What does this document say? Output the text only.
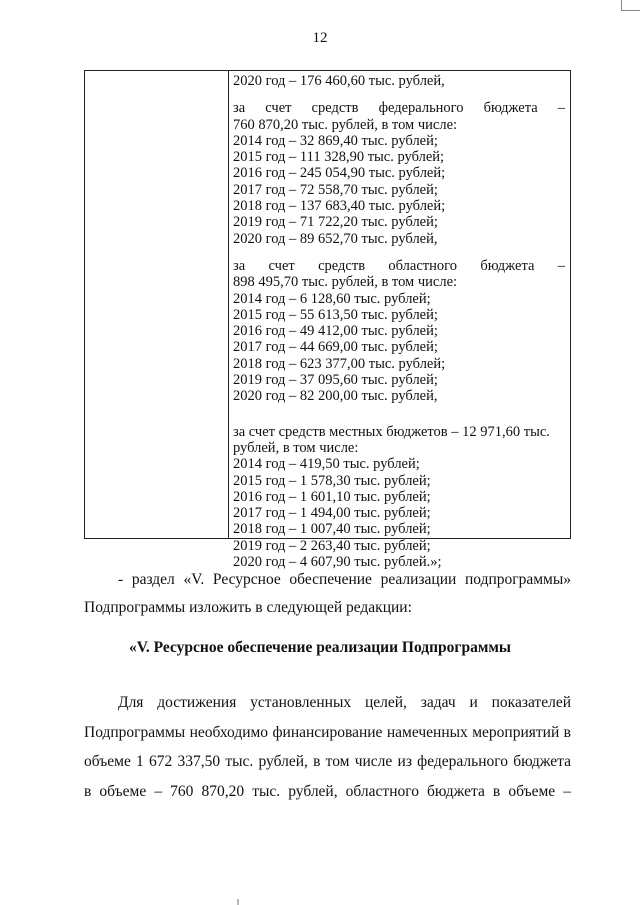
12
2020 год – 176 460,60 тыс. рублей,
за счет средств федерального бюджета –
760 870,20 тыс. рублей, в том числе:
2014 год – 32 869,40 тыс. рублей;
2015 год – 111 328,90 тыс. рублей;
2016 год – 245 054,90 тыс. рублей;
2017 год – 72 558,70 тыс. рублей;
2018 год – 137 683,40 тыс. рублей;
2019 год – 71 722,20 тыс. рублей;
2020 год – 89 652,70 тыс. рублей,
за счет средств областного бюджета –
898 495,70 тыс. рублей, в том числе:
2014 год – 6 128,60 тыс. рублей;
2015 год – 55 613,50 тыс. рублей;
2016 год – 49 412,00 тыс. рублей;
2017 год – 44 669,00 тыс. рублей;
2018 год – 623 377,00 тыс. рублей;
2019 год – 37 095,60 тыс. рублей;
2020 год – 82 200,00 тыс. рублей,
за счет средств местных бюджетов – 12 971,60 тыс.
рублей, в том числе:
2014 год – 419,50 тыс. рублей;
2015 год – 1 578,30 тыс. рублей;
2016 год – 1 601,10 тыс. рублей;
2017 год – 1 494,00 тыс. рублей;
2018 год – 1 007,40 тыс. рублей;
2019 год – 2 263,40 тыс. рублей;
2020 год – 4 607,90 тыс. рублей.»;
- раздел «V. Ресурсное обеспечение реализации подпрограммы»
Подпрограммы изложить в следующей редакции:
«V. Ресурсное обеспечение реализации Подпрограммы
Для достижения установленных целей, задач и показателей
Подпрограммы необходимо финансирование намеченных мероприятий в
объеме 1 672 337,50 тыс. рублей, в том числе из федерального бюджета
в объеме – 760 870,20 тыс. рублей, областного бюджета в объеме –
